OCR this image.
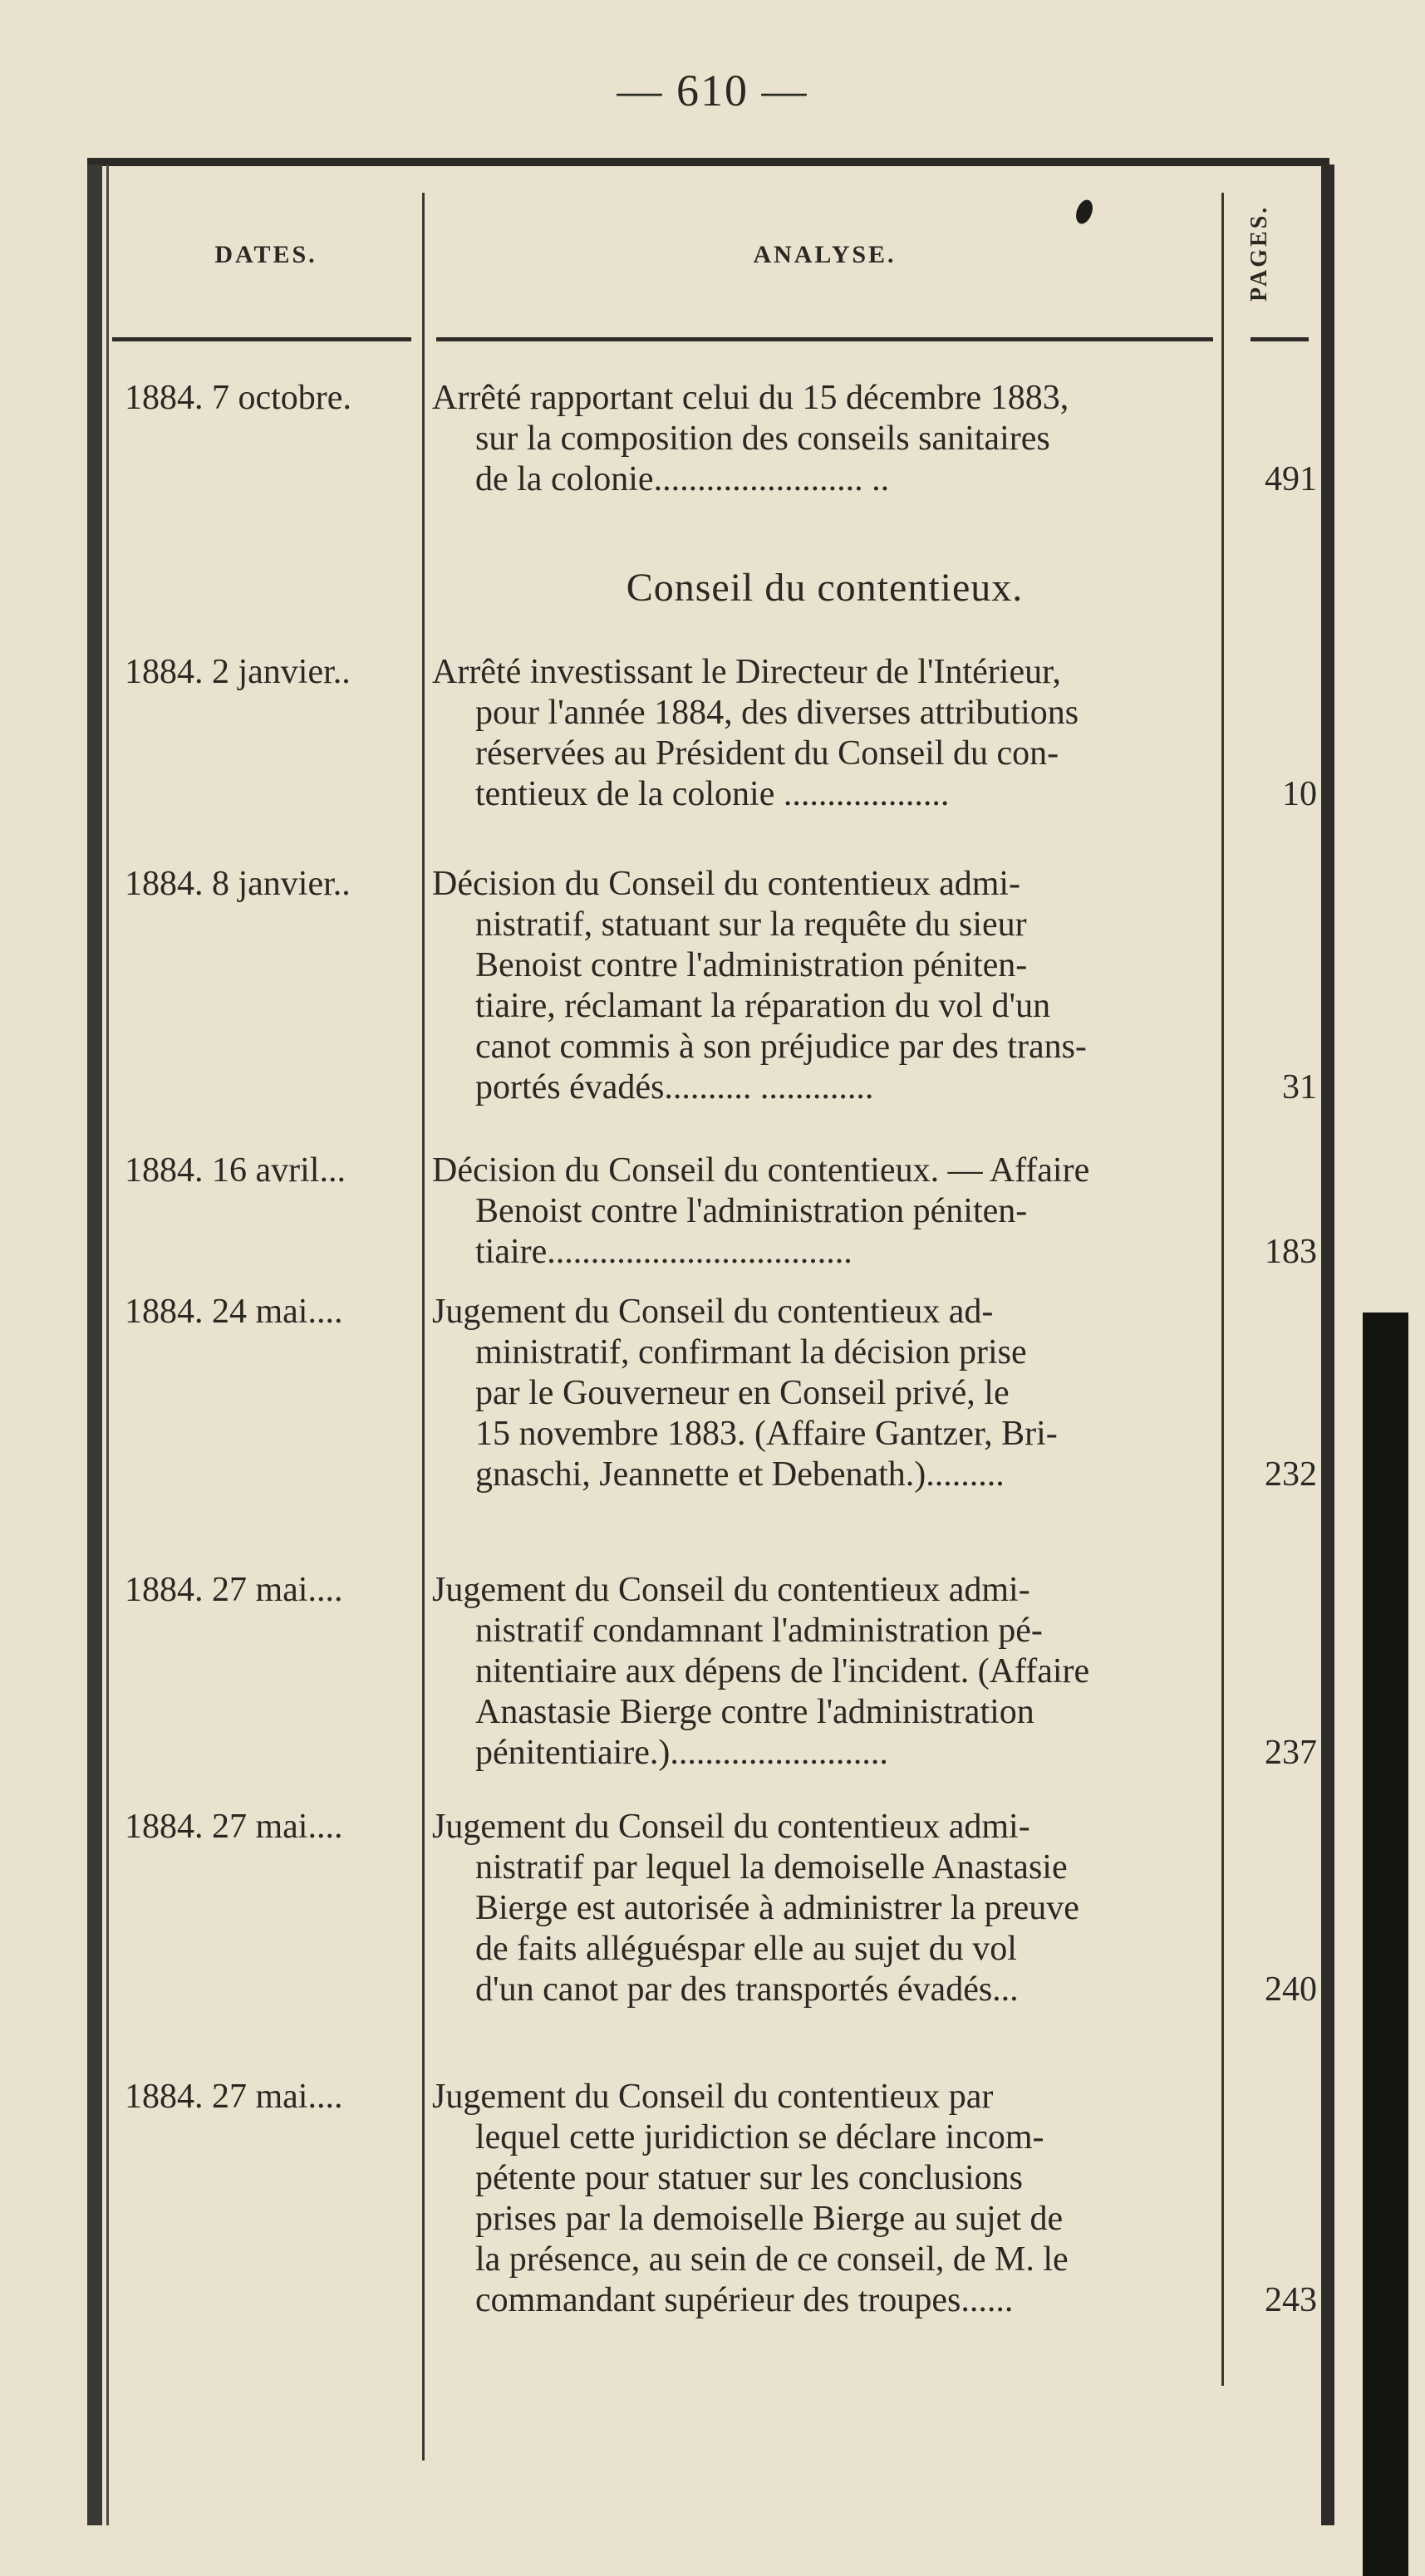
— 610 —
DATES.	ANALYSE.	PAGES.
Conseil du contentieux.
1884. 7 octobre.	Arrêté rapportant celui du 15 décembre 1883,
sur la composition des conseils sanitaires
de la colonie........................ ..	491
1884. 2 janvier..	Arrêté investissant le Directeur de l'Intérieur,
pour l'année 1884, des diverses attributions
réservées au Président du Conseil du con-
tentieux de la colonie ...................	10
1884. 8 janvier..	Décision du Conseil du contentieux admi-
nistratif, statuant sur la requête du sieur
Benoist contre l'administration péniten-
tiaire, réclamant la réparation du vol d'un
canot commis à son préjudice par des trans-
portés évadés.......... .............	31
1884. 16 avril...	Décision du Conseil du contentieux. — Affaire
Benoist contre l'administration péniten-
tiaire...................................	183
1884. 24 mai....	Jugement du Conseil du contentieux ad-
ministratif, confirmant la décision prise
par le Gouverneur en Conseil privé, le
15 novembre 1883. (Affaire Gantzer, Bri-
gnaschi, Jeannette et Debenath.).........	232
1884. 27 mai....	Jugement du Conseil du contentieux admi-
nistratif condamnant l'administration pé-
nitentiaire aux dépens de l'incident. (Affaire
Anastasie Bierge contre l'administration
pénitentiaire.).........................	237
1884. 27 mai....	Jugement du Conseil du contentieux admi-
nistratif par lequel la demoiselle Anastasie
Bierge est autorisée à administrer la preuve
de faits alléguéspar elle au sujet du vol
d'un canot par des transportés évadés...	240
1884. 27 mai....	Jugement du Conseil du contentieux par
lequel cette juridiction se déclare incom-
pétente pour statuer sur les conclusions
prises par la demoiselle Bierge au sujet de
la présence, au sein de ce conseil, de M. le
commandant supérieur des troupes......	243
